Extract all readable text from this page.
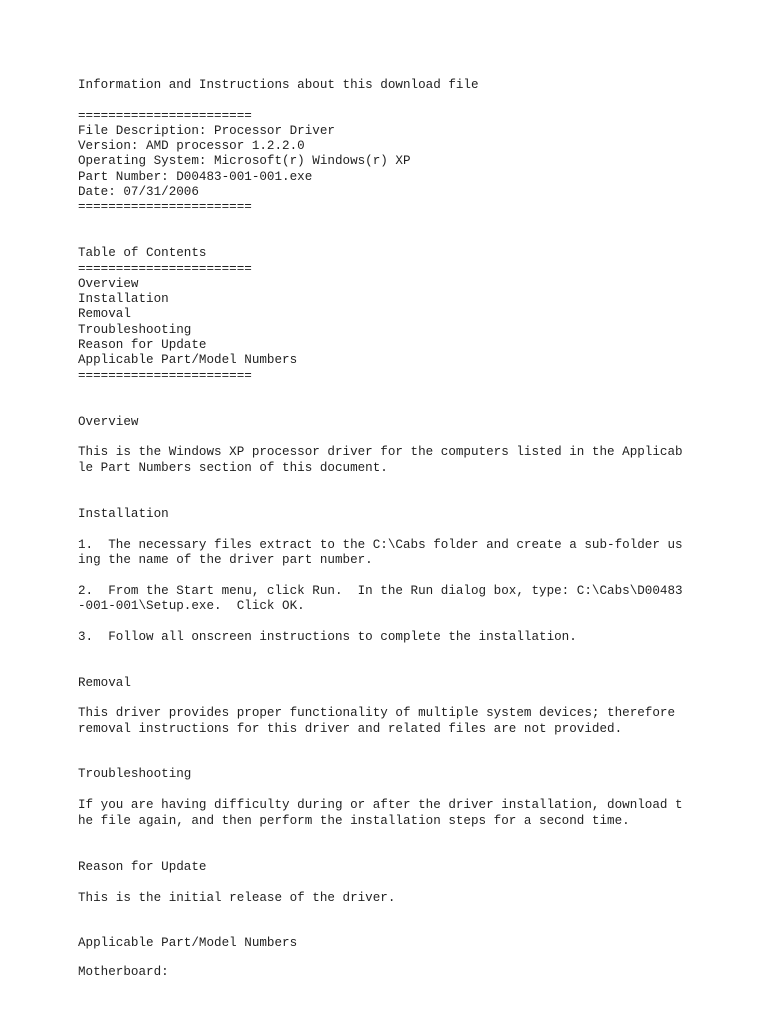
Information and Instructions about this download file

=======================

File Description: Processor Driver

Version: AMD processor 1.2.2.0

Operating System: Microsoft(r) Windows(r) XP

Part Number: D00483-001-001.exe

Date: 07/31/2006

=======================

Table of Contents

=======================

Overview

Installation

Removal

Troubleshooting

Reason for Update

Applicable Part/Model Numbers

=======================

Overview

This is the Windows XP processor driver for the computers listed in the Applicab

le Part Numbers section of this document.

Installation

1.  The necessary files extract to the C:\Cabs folder and create a sub-folder us

ing the name of the driver part number.

2.  From the Start menu, click Run.  In the Run dialog box, type: C:\Cabs\D00483

-001-001\Setup.exe.  Click OK.

3.  Follow all onscreen instructions to complete the installation.

Removal

This driver provides proper functionality of multiple system devices; therefore

removal instructions for this driver and related files are not provided.

Troubleshooting

If you are having difficulty during or after the driver installation, download t

he file again, and then perform the installation steps for a second time.

Reason for Update

This is the initial release of the driver.

Applicable Part/Model Numbers

Motherboard:
